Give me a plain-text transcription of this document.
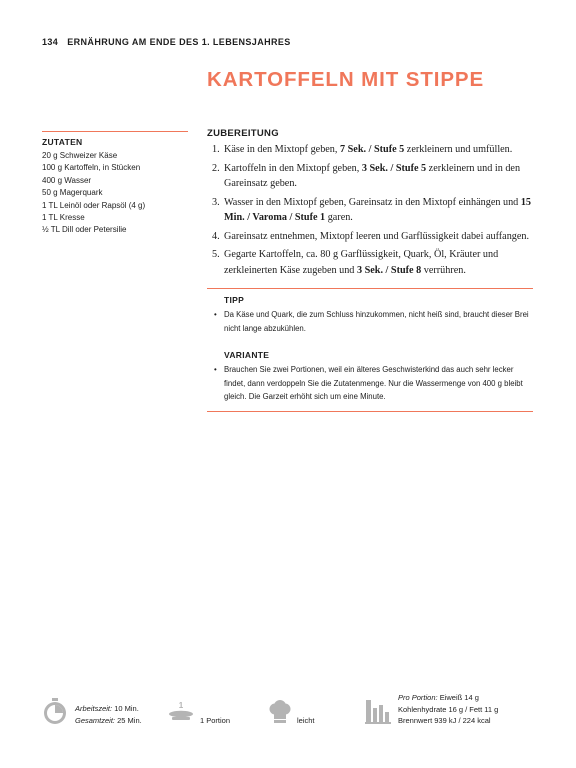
134 ERNÄHRUNG AM ENDE DES 1. LEBENSJAHRES
KARTOFFELN MIT STIPPE
ZUTATEN
20 g Schweizer Käse
100 g Kartoffeln, in Stücken
400 g Wasser
50 g Magerquark
1 TL Leinöl oder Rapsöl (4 g)
1 TL Kresse
½ TL Dill oder Petersilie
ZUBEREITUNG
1. Käse in den Mixtopf geben, 7 Sek. / Stufe 5 zerkleinern und umfüllen.
2. Kartoffeln in den Mixtopf geben, 3 Sek. / Stufe 5 zerkleinern und in den Gareinsatz geben.
3. Wasser in den Mixtopf geben, Gareinsatz in den Mixtopf einhängen und 15 Min. / Varoma / Stufe 1 garen.
4. Gareinsatz entnehmen, Mixtopf leeren und Garflüssigkeit dabei auffangen.
5. Gegarte Kartoffeln, ca. 80 g Garflüssigkeit, Quark, Öl, Kräuter und zerkleinerten Käse zugeben und 3 Sek. / Stufe 8 verrühren.
TIPP

• Da Käse und Quark, die zum Schluss hinzukommen, nicht heiß sind, braucht dieser Brei nicht lange abzukühlen.

VARIANTE

• Brauchen Sie zwei Portionen, weil ein älteres Geschwisterkind das auch sehr lecker findet, dann verdoppeln Sie die Zutatenmenge. Nur die Wassermenge von 400 g bleibt gleich. Die Garzeit erhöht sich um eine Minute.

Arbeitszeit: 10 Min.
Gesamtzeit: 25 Min.
1
1 Portion	leicht
Pro Portion: Eiweiß 14 g
Kohlenhydrate 16 g / Fett 11 g
Brennwert 939 kJ / 224 kcal
